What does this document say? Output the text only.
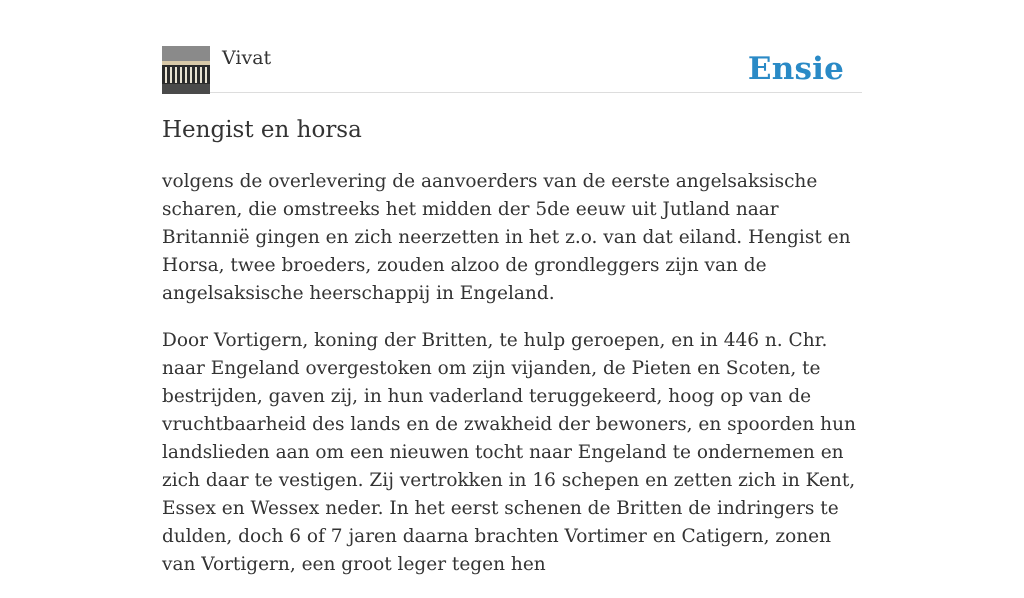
Vivat	Ensie
Hengist en horsa

volgens de overlevering de aanvoerders van de eerste angelsaksische scharen, die omstreeks het midden der 5de eeuw uit Jutland naar Britannië gingen en zich neerzetten in het z.o. van dat eiland. Hengist en Horsa, twee broeders, zouden alzoo de grondleggers zijn van de angelsaksische heerschappij in Engeland.

Door Vortigern, koning der Britten, te hulp geroepen, en in 446 n. Chr. naar Engeland overgestoken om zijn vijanden, de Pieten en Scoten, te bestrijden, gaven zij, in hun vaderland teruggekeerd, hoog op van de vruchtbaarheid des lands en de zwakheid der bewoners, en spoorden hun landslieden aan om een nieuwen tocht naar Engeland te ondernemen en zich daar te vestigen. Zij vertrokken in 16 schepen en zetten zich in Kent, Essex en Wessex neder. In het eerst schenen de Britten de indringers te dulden, doch 6 of 7 jaren daarna brachten Vortimer en Catigern, zonen van Vortigern, een groot leger tegen hen
